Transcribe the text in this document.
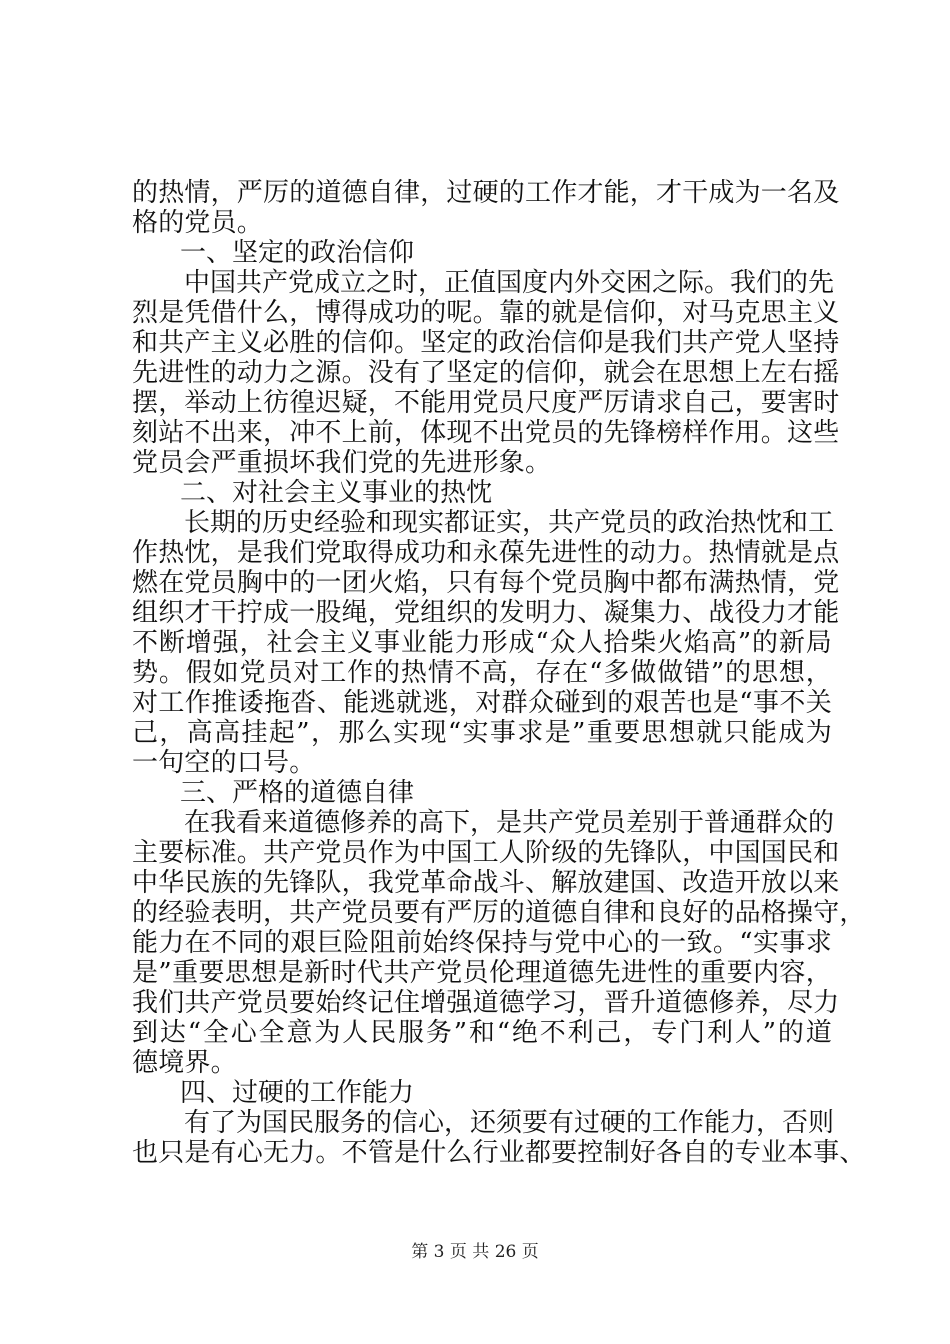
的热情，严厉的道德自律，过硬的工作才能，才干成为一名及
格的党员。
一、坚定的政治信仰
中国共产党成立之时，正值国度内外交困之际。我们的先
烈是凭借什么，博得成功的呢。靠的就是信仰，对马克思主义
和共产主义必胜的信仰。坚定的政治信仰是我们共产党人坚持
先进性的动力之源。没有了坚定的信仰，就会在思想上左右摇
摆，举动上彷徨迟疑，不能用党员尺度严厉请求自己，要害时
刻站不出来，冲不上前，体现不出党员的先锋榜样作用。这些
党员会严重损坏我们党的先进形象。
二、对社会主义事业的热忱
长期的历史经验和现实都证实，共产党员的政治热忱和工
作热忱，是我们党取得成功和永葆先进性的动力。热情就是点
燃在党员胸中的一团火焰，只有每个党员胸中都布满热情，党
组织才干拧成一股绳，党组织的发明力、凝集力、战役力才能
不断增强，社会主义事业能力形成“众人拾柴火焰高”的新局
势。假如党员对工作的热情不高，存在“多做做错”的思想，
对工作推诿拖沓、能逃就逃，对群众碰到的艰苦也是“事不关
己，高高挂起”，那么实现“实事求是”重要思想就只能成为
一句空的口号。
三、严格的道德自律
在我看来道德修养的高下，是共产党员差别于普通群众的
主要标准。共产党员作为中国工人阶级的先锋队，中国国民和
中华民族的先锋队，我党革命战斗、解放建国、改造开放以来
的经验表明，共产党员要有严厉的道德自律和良好的品格操守，
能力在不同的艰巨险阻前始终保持与党中心的一致。“实事求
是”重要思想是新时代共产党员伦理道德先进性的重要内容，
我们共产党员要始终记住增强道德学习，晋升道德修养，尽力
到达“全心全意为人民服务”和“绝不利己，专门利人”的道
德境界。
四、过硬的工作能力
有了为国民服务的信心，还须要有过硬的工作能力，否则
也只是有心无力。不管是什么行业都要控制好各自的专业本事、
第 3 页 共 26 页
